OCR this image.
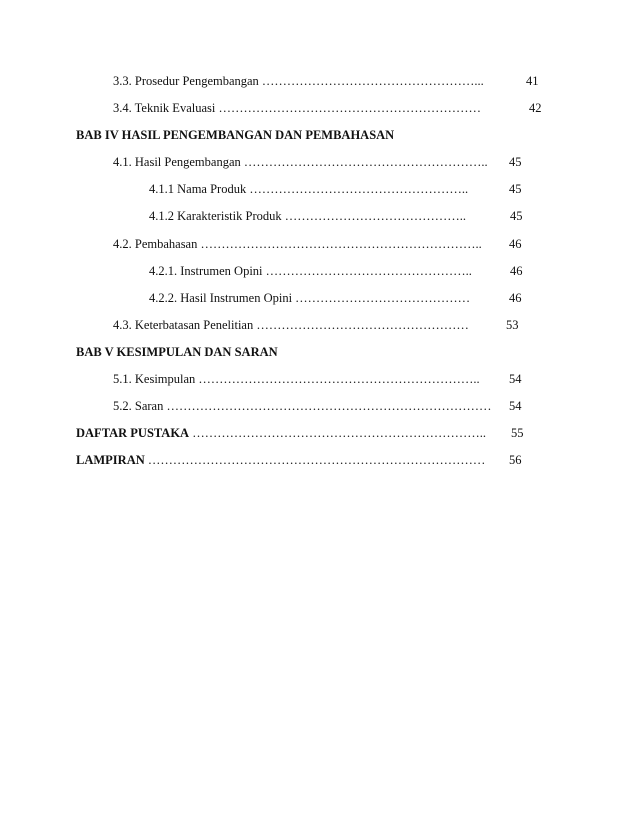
3.3. Prosedur Pengembangan ……………………………………………...	41
3.4. Teknik Evaluasi ………………………………………………………	42
BAB IV HASIL PENGEMBANGAN DAN PEMBAHASAN
4.1. Hasil Pengembangan ………………………………………………….. 45
4.1.1 Nama Produk ……………………………………………..	45
4.1.2 Karakteristik Produk ……………………………………..	45
4.2. Pembahasan ………………………………………………………….. 46
4.2.1. Instrumen Opini …………………………………………..	46
4.2.2. Hasil Instrumen Opini ……………………………………	46
4.3. Keterbatasan Penelitian ……………………………………………	53
BAB V KESIMPULAN DAN SARAN
5.1. Kesimpulan ………………………………………………………….. 54
5.2. Saran …………………………………………………………………… 54
DAFTAR PUSTAKA …………………………………………………………….. 55
LAMPIRAN ……………………………………………………………………… 56
